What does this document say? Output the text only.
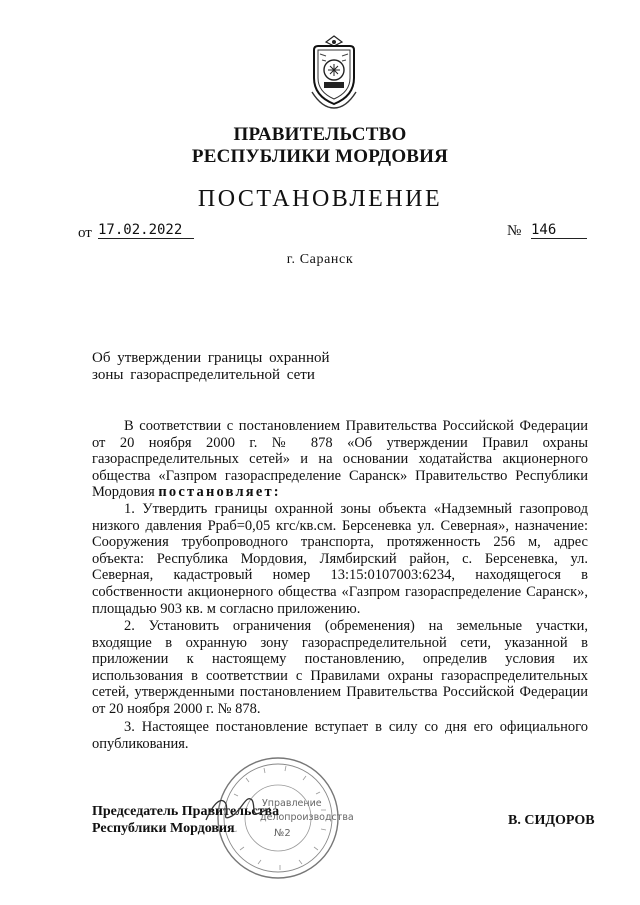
ПРАВИТЕЛЬСТВО
РЕСПУБЛИКИ МОРДОВИЯ
ПОСТАНОВЛЕНИЕ
от 17.02.2022	№ 146
г. Саранск
Об утверждении границы охранной зоны газораспределительной сети
В соответствии с постановлением Правительства Российской Федерации от 20 ноября 2000 г. № 878 «Об утверждении Правил охраны газораспределительных сетей» и на основании ходатайства акционерного общества «Газпром газораспределение Саранск» Правительство Республики Мордовия постановляет:
1. Утвердить границы охранной зоны объекта «Надземный газопровод низкого давления Рраб=0,05 кгс/кв.см. Берсеневка ул. Северная», назначение: Сооружения трубопроводного транспорта, протяженность 256 м, адрес объекта: Республика Мордовия, Лямбирский район, с. Берсеневка, ул. Северная, кадастровый номер 13:15:0107003:6234, находящегося в собственности акционерного общества «Газпром газораспределение Саранск», площадью 903 кв. м согласно приложению.
2. Установить ограничения (обременения) на земельные участки, входящие в охранную зону газораспределительной сети, указанной в приложении к настоящему постановлению, определив условия их использования в соответствии с Правилами охраны газораспределительных сетей, утвержденными постановлением Правительства Российской Федерации от 20 ноября 2000 г. № 878.
3. Настоящее постановление вступает в силу со дня его официального опубликования.
Управление
делопроизводства
№2
Председатель Правительства
Республики Мордовия
В. СИДОРОВ
